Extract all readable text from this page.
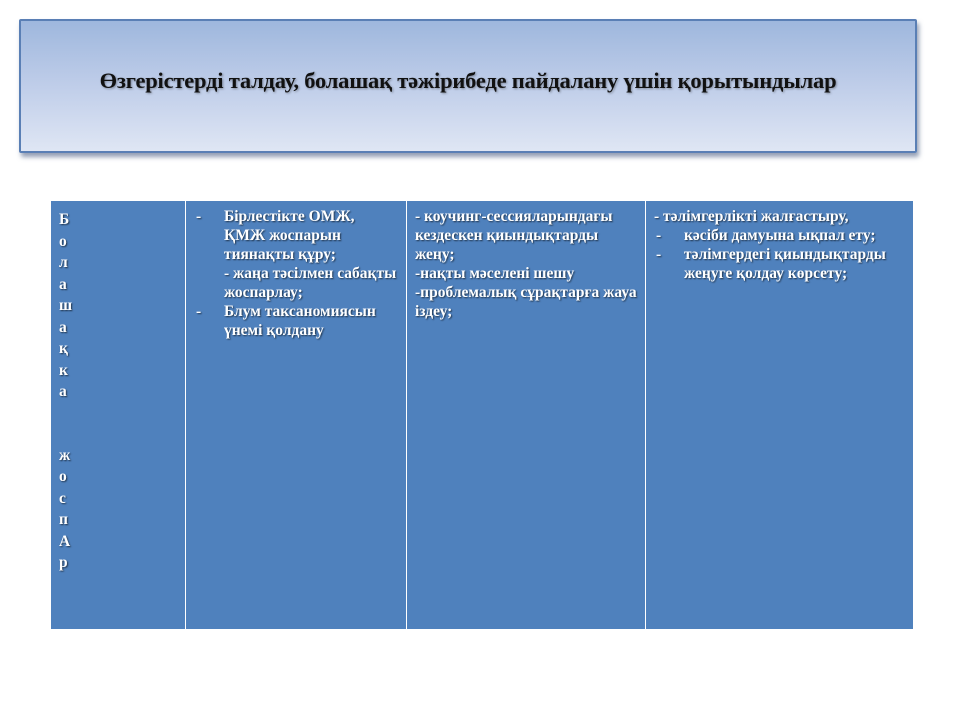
Өзгерістерді талдау, болашақ тәжірибеде пайдалану үшін қорытындылар
Б
о
л
а
ш
а
қ
к
а
ж
о
с
п
А
р

- Бірлестікте ОМЖ, ҚМЖ жоспарын тиянақты құру;
- жаңа тәсілмен сабақты жоспарлау;
- Блум таксаномиясын үнемі қолдану

- коучинг-сессияларындағы кездескен қиындықтарды жеңу;
-нақты мәселені шешу
-проблемалық сұрақтарға жауа іздеу;

- тәлімгерлікті жалғастыру,
- кәсіби дамуына ықпал ету;
- тәлімгердегі қиындықтарды жеңуге қолдау көрсету;
